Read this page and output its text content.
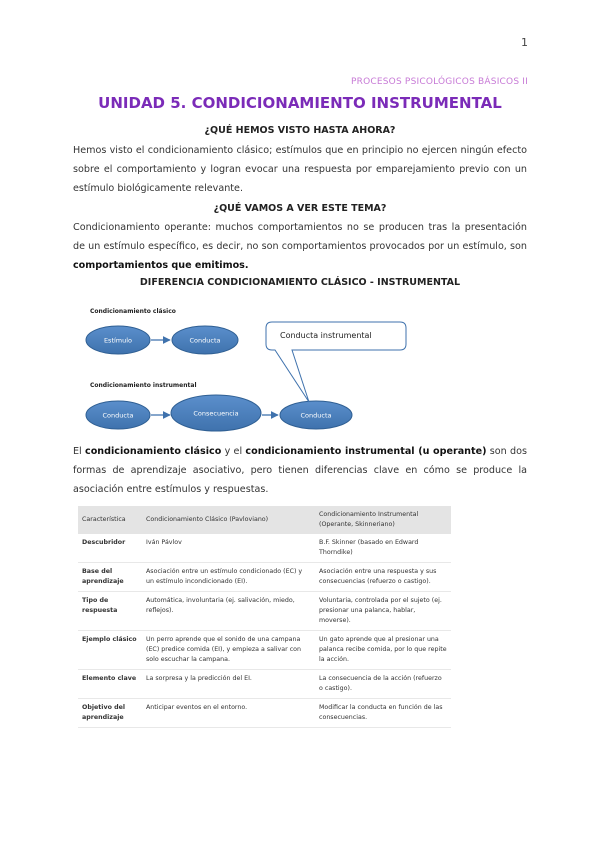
1
PROCESOS PSICOLÓGICOS BÁSICOS II
UNIDAD 5. CONDICIONAMIENTO INSTRUMENTAL
¿QUÉ HEMOS VISTO HASTA AHORA?

Hemos visto el condicionamiento clásico; estímulos que en principio no ejercen ningún efecto sobre el comportamiento y logran evocar una respuesta por emparejamiento previo con un estímulo biológicamente relevante.

¿QUÉ VAMOS A VER ESTE TEMA?

Condicionamiento operante: muchos comportamientos no se producen tras la presentación de un estímulo específico, es decir, no son comportamientos provocados por un estímulo, son comportamientos que emitimos.

DIFERENCIA CONDICIONAMIENTO CLÁSICO - INSTRUMENTAL
Condicionamiento clásico
Estímulo	Conducta
Condicionamiento instrumental
Conducta	Consecuencia	Conducta
Conducta instrumental

El condicionamiento clásico y el condicionamiento instrumental (u operante) son dos formas de aprendizaje asociativo, pero tienen diferencias clave en cómo se produce la asociación entre estímulos y respuestas.

Característica	Condicionamiento Clásico (Pavloviano)	Condicionamiento Instrumental (Operante, Skinneriano)
Descubridor	Iván Pávlov	B.F. Skinner (basado en Edward Thorndike)
Base del aprendizaje	Asociación entre un estímulo condicionado (EC) y un estímulo incondicionado (EI).	Asociación entre una respuesta y sus consecuencias (refuerzo o castigo).
Tipo de respuesta	Automática, involuntaria (ej. salivación, miedo, reflejos).	Voluntaria, controlada por el sujeto (ej. presionar una palanca, hablar, moverse).
Ejemplo clásico	Un perro aprende que el sonido de una campana (EC) predice comida (EI), y empieza a salivar con solo escuchar la campana.	Un gato aprende que al presionar una palanca recibe comida, por lo que repite la acción.
Elemento clave	La sorpresa y la predicción del EI.	La consecuencia de la acción (refuerzo o castigo).
Objetivo del aprendizaje	Anticipar eventos en el entorno.	Modificar la conducta en función de las consecuencias.
